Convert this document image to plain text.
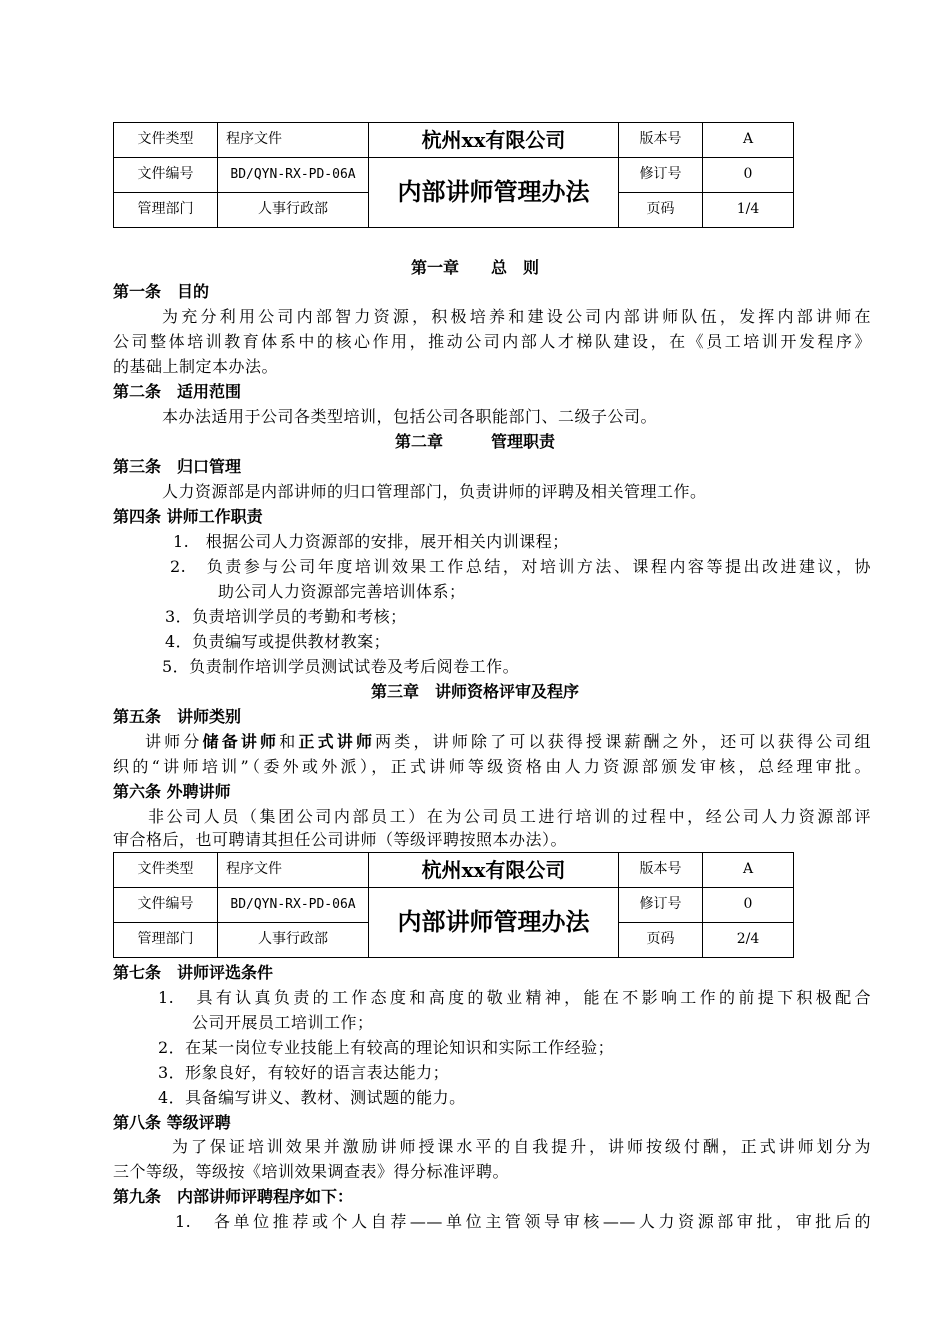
文件类型	程序文件	杭州xx有限公司	版本号	A
文件编号	BD/QYN-RX-PD-06A	内部讲师管理办法	修订号	0
管理部门	人事行政部		页码	1/4
第一章　　总　则
第一条　目的
为充分利用公司内部智力资源，积极培养和建设公司内部讲师队伍，发挥内部讲师在
公司整体培训教育体系中的核心作用，推动公司内部人才梯队建设，在《员工培训开发程序》
的基础上制定本办法。
第二条　适用范围
本办法适用于公司各类型培训，包括公司各职能部门、二级子公司。
第二章　　　管理职责
第三条　归口管理
人力资源部是内部讲师的归口管理部门，负责讲师的评聘及相关管理工作。
第四条 讲师工作职责
1.　根据公司人力资源部的安排，展开相关内训课程；
2.　负责参与公司年度培训效果工作总结，对培训方法、课程内容等提出改进建议，协
助公司人力资源部完善培训体系；
3．负责培训学员的考勤和考核；
4．负责编写或提供教材教案；
5．负责制作培训学员测试试卷及考后阅卷工作。
第三章　讲师资格评审及程序
第五条　讲师类别
讲师分储备讲师和正式讲师两类，讲师除了可以获得授课薪酬之外，还可以获得公司组
织的“讲师培训”（委外或外派），正式讲师等级资格由人力资源部颁发审核，总经理审批。
第六条 外聘讲师
非公司人员（集团公司内部员工）在为公司员工进行培训的过程中，经公司人力资源部评
审合格后，也可聘请其担任公司讲师（等级评聘按照本办法）。
文件类型	程序文件	杭州xx有限公司	版本号	A
文件编号	BD/QYN-RX-PD-06A	内部讲师管理办法	修订号	0
管理部门	人事行政部		页码	2/4
第七条　讲师评选条件
1.　具有认真负责的工作态度和高度的敬业精神，能在不影响工作的前提下积极配合
公司开展员工培训工作；
2．在某一岗位专业技能上有较高的理论知识和实际工作经验；
3．形象良好，有较好的语言表达能力；
4．具备编写讲义、教材、测试题的能力。
第八条 等级评聘
为了保证培训效果并激励讲师授课水平的自我提升，讲师按级付酬，正式讲师划分为
三个等级，等级按《培训效果调查表》得分标准评聘。
第九条　内部讲师评聘程序如下：
1.　各单位推荐或个人自荐——单位主管领导审核——人力资源部审批，审批后的
